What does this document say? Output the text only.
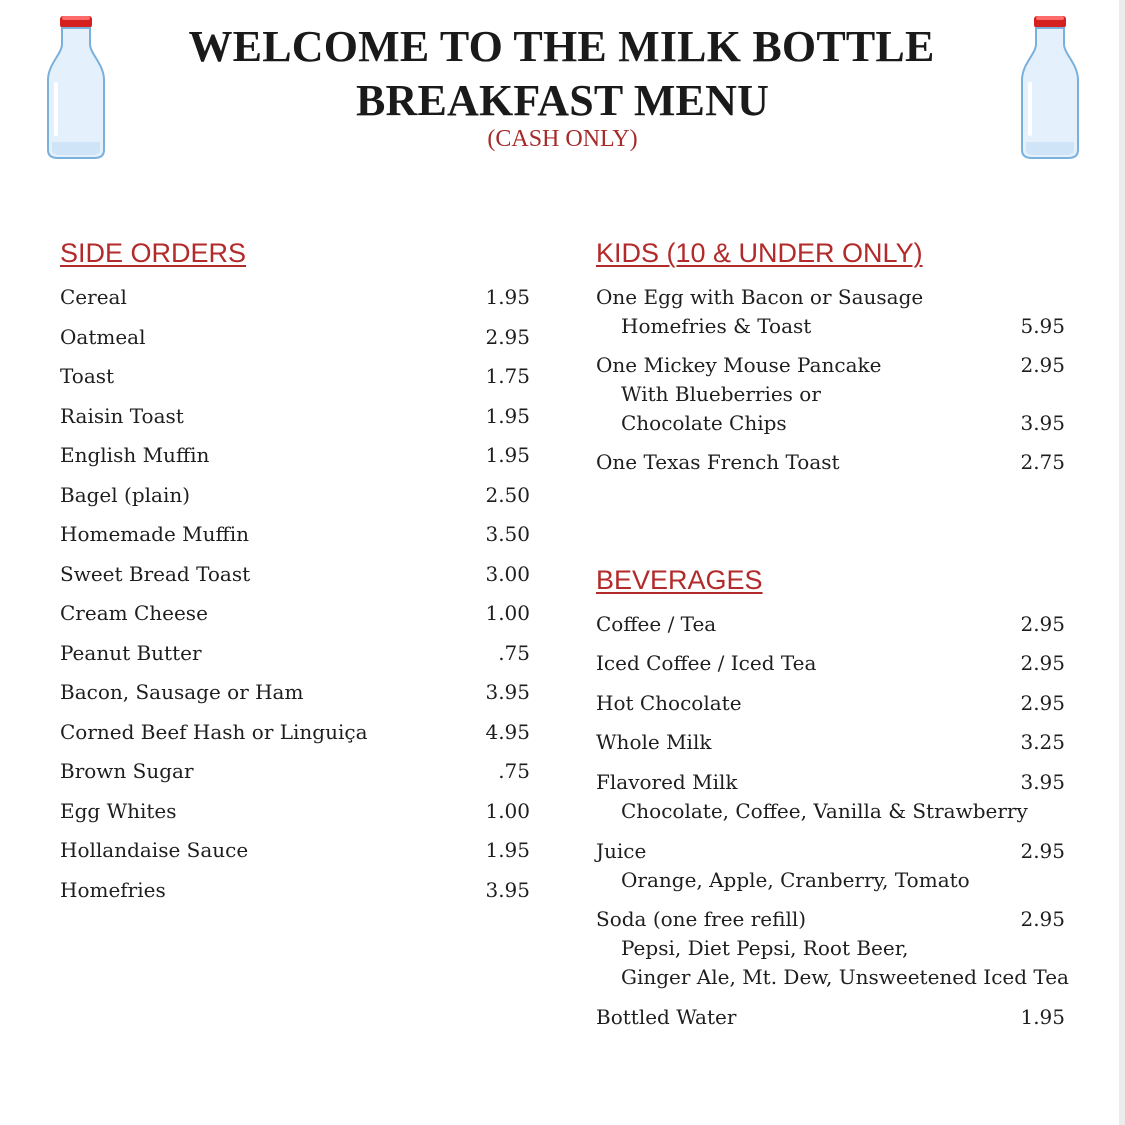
WELCOME TO THE MILK BOTTLE
BREAKFAST MENU
(CASH ONLY)
SIDE ORDERS
Cereal	1.95
Oatmeal	2.95
Toast	1.75
Raisin Toast	1.95
English Muffin	1.95
Bagel (plain)	2.50
Homemade Muffin	3.50
Sweet Bread Toast	3.00
Cream Cheese	1.00
Peanut Butter	.75
Bacon, Sausage or Ham	3.95
Corned Beef Hash or Linguiça	4.95
Brown Sugar	.75
Egg Whites	1.00
Hollandaise Sauce	1.95
Homefries	3.95
KIDS (10 & UNDER ONLY)
One Egg with Bacon or Sausage
Homefries & Toast	5.95
One Mickey Mouse Pancake	2.95
With Blueberries or
Chocolate Chips	3.95
One Texas French Toast	2.75
BEVERAGES
Coffee / Tea	2.95
Iced Coffee / Iced Tea	2.95
Hot Chocolate	2.95
Whole Milk	3.25
Flavored Milk	3.95
Chocolate, Coffee, Vanilla & Strawberry
Juice	2.95
Orange, Apple, Cranberry, Tomato
Soda (one free refill)	2.95
Pepsi, Diet Pepsi, Root Beer,
Ginger Ale, Mt. Dew, Unsweetened Iced Tea
Bottled Water	1.95
